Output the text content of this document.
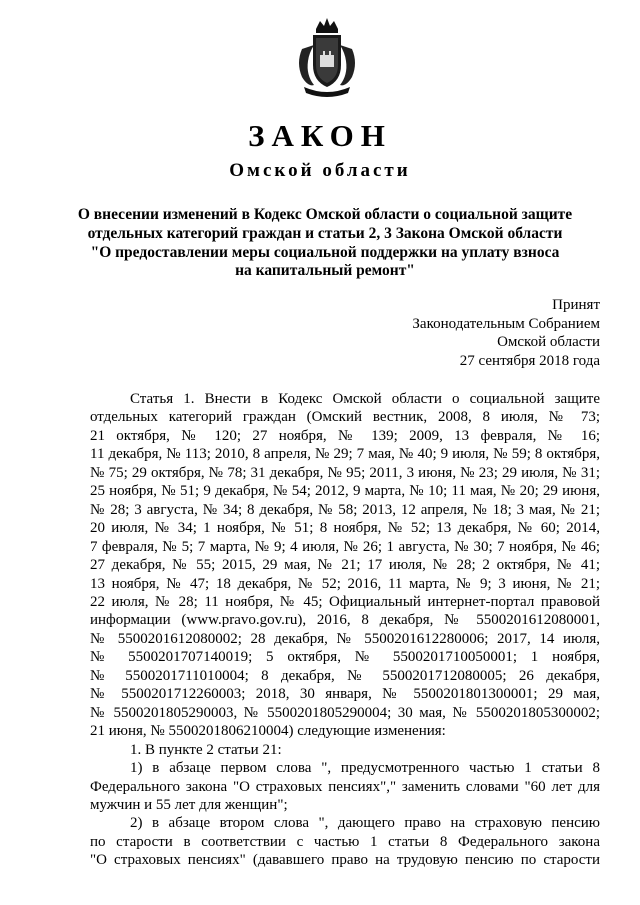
ЗАКОН
Омской области
О внесении изменений в Кодекс Омской области о социальной защите
отдельных категорий граждан и статьи 2, 3 Закона Омской области
"О предоставлении меры социальной поддержки на уплату взноса
на капитальный ремонт"
Принят
Законодательным Собранием
Омской области
27 сентября 2018 года

Статья 1. Внести в Кодекс Омской области о социальной защите

отдельных категорий граждан (Омский вестник, 2008, 8 июля, № 73;

21 октября, № 120; 27 ноября, № 139; 2009, 13 февраля, № 16;

11 декабря, № 113; 2010, 8 апреля, № 29; 7 мая, № 40; 9 июля, № 59; 8 октября,

№ 75; 29 октября, № 78; 31 декабря, № 95; 2011, 3 июня, № 23; 29 июля, № 31;

25 ноября, № 51; 9 декабря, № 54; 2012, 9 марта, № 10; 11 мая, № 20; 29 июня,

№ 28; 3 августа, № 34; 8 декабря, № 58; 2013, 12 апреля, № 18; 3 мая, № 21;

20 июля, № 34; 1 ноября, № 51; 8 ноября, № 52; 13 декабря, № 60; 2014,

7 февраля, № 5; 7 марта, № 9; 4 июля, № 26; 1 августа, № 30; 7 ноября, № 46;

27 декабря, № 55; 2015, 29 мая, № 21; 17 июля, № 28; 2 октября, № 41;

13 ноября, № 47; 18 декабря, № 52; 2016, 11 марта, № 9; 3 июня, № 21;

22 июля, № 28; 11 ноября, № 45; Официальный интернет-портал правовой

информации (www.pravo.gov.ru), 2016, 8 декабря, № 5500201612080001,

№ 5500201612080002; 28 декабря, № 5500201612280006; 2017, 14 июля,

№ 5500201707140019; 5 октября, № 5500201710050001; 1 ноября,

№ 5500201711010004; 8 декабря, № 5500201712080005; 26 декабря,

№ 5500201712260003; 2018, 30 января, № 5500201801300001; 29 мая,

№ 5500201805290003, № 5500201805290004; 30 мая, № 5500201805300002;

21 июня, № 5500201806210004) следующие изменения:

1. В пункте 2 статьи 21:

1) в абзаце первом слова ", предусмотренного частью 1 статьи 8

Федерального закона "О страховых пенсиях"," заменить словами "60 лет для

мужчин и 55 лет для женщин";

2) в абзаце втором слова ", дающего право на страховую пенсию

по старости в соответствии с частью 1 статьи 8 Федерального закона

"О страховых пенсиях" (дававшего право на трудовую пенсию по старости
